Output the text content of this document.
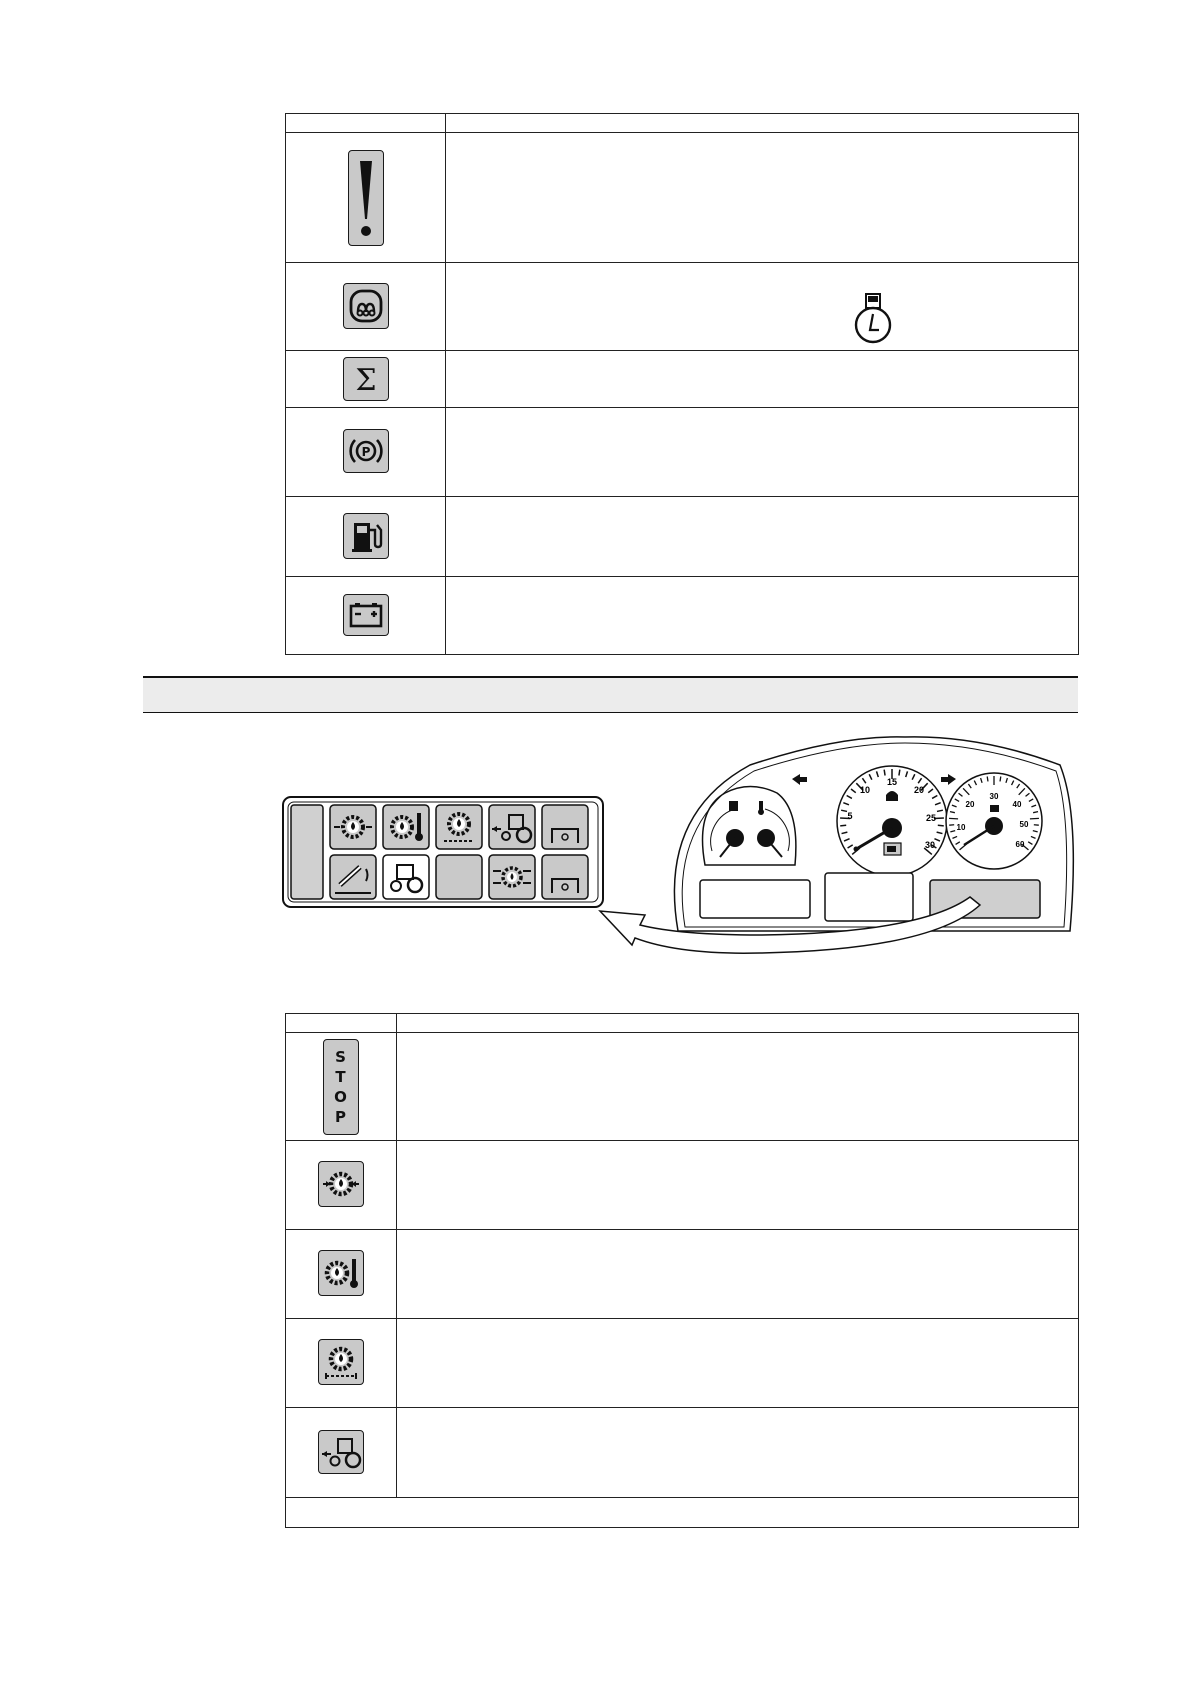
Σ	

P	

15
10	20
5	25
30
10
20
30
40
50
60

S
T
O
P	
